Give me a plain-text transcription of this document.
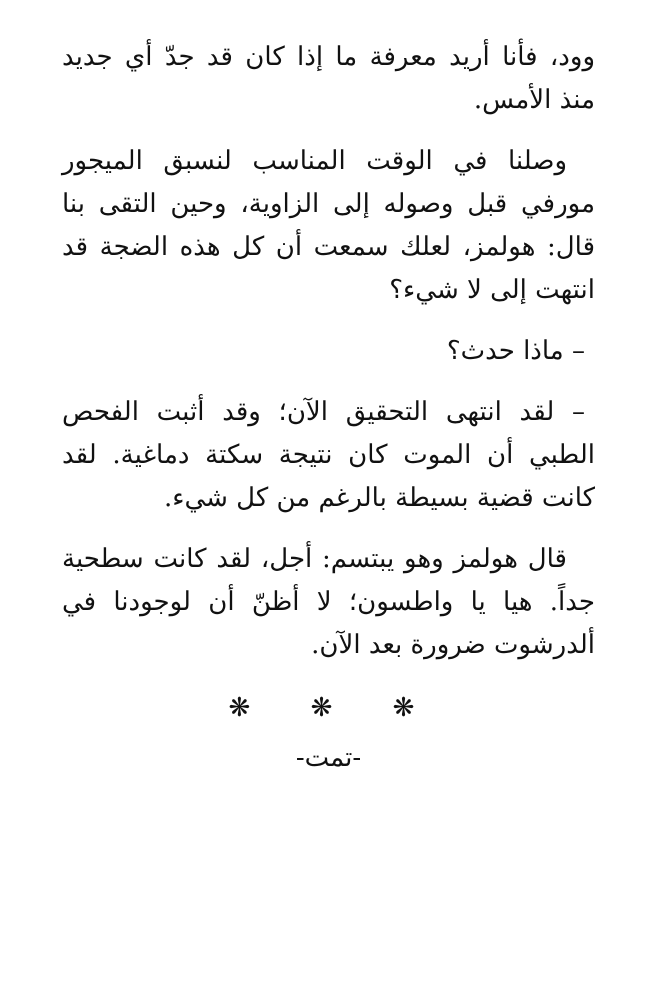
وود، فأنا أريد معرفة ما إذا كان قد جدّ أي جديد منذ الأمس.

وصلنا في الوقت المناسب لنسبق الميجور مورفي قبل وصوله إلى الزاوية، وحين التقى بنا قال: هولمز، لعلك سمعت أن كل هذه الضجة قد انتهت إلى لا شيء؟

– ماذا حدث؟

– لقد انتهى التحقيق الآن؛ وقد أثبت الفحص الطبي أن الموت كان نتيجة سكتة دماغية. لقد كانت قضية بسيطة بالرغم من كل شيء.

قال هولمز وهو يبتسم: أجل، لقد كانت سطحية جداً. هيا يا واطسون؛ لا أظنّ أن لوجودنا في ألدرشوت ضرورة بعد الآن.

❋ ❋ ❋
-تمت-
